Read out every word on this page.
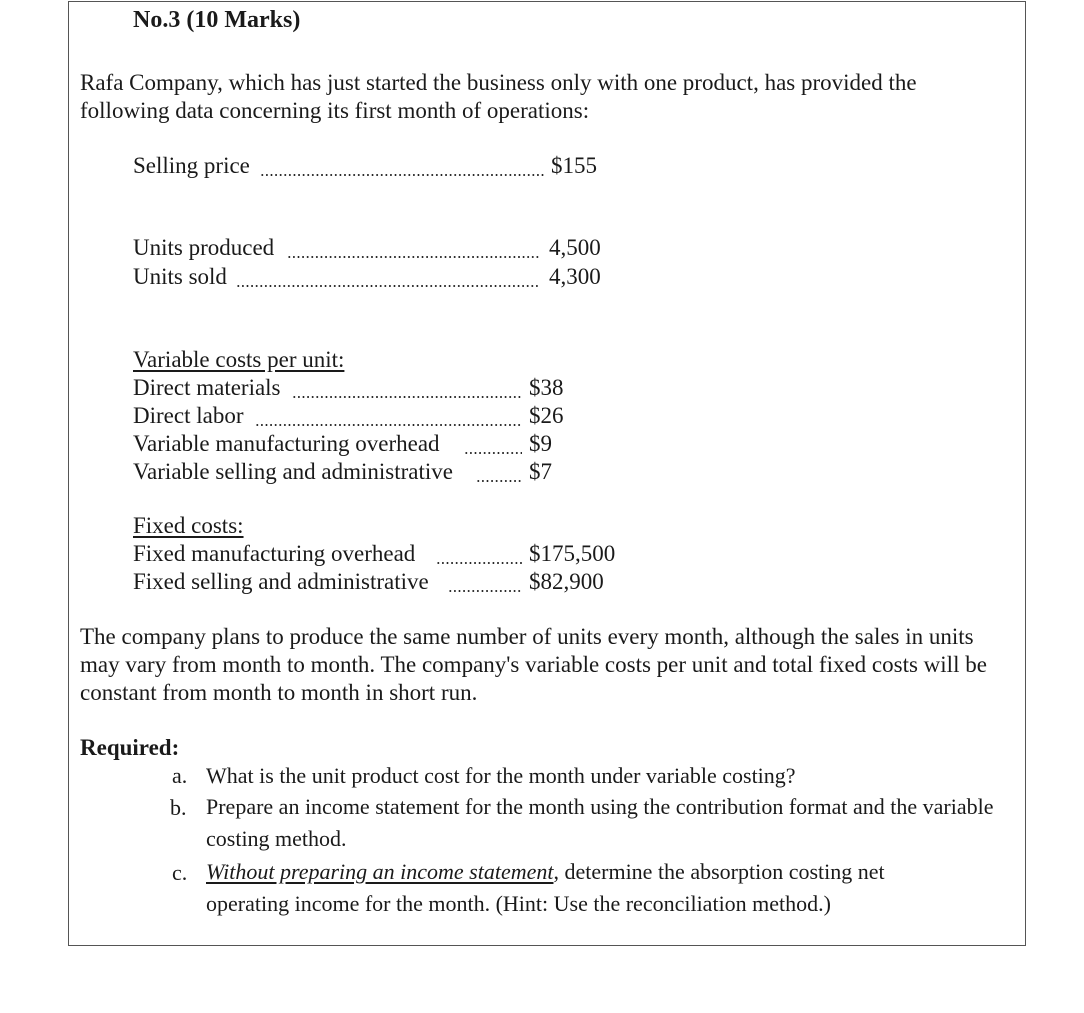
No.3 (10 Marks)
Rafa Company, which has just started the business only with one product, has provided the following data concerning its first month of operations:
Selling price	$155
Units produced	4,500
Units sold	4,300
Variable costs per unit:
Direct materials	$38
Direct labor	$26
Variable manufacturing overhead	$9
Variable selling and administrative	$7
Fixed costs:
Fixed manufacturing overhead	$175,500
Fixed selling and administrative	$82,900
The company plans to produce the same number of units every month, although the sales in units may vary from month to month. The company's variable costs per unit and total fixed costs will be constant from month to month in short run.
Required:
a. What is the unit product cost for the month under variable costing?
b. Prepare an income statement for the month using the contribution format and the variable costing method.
c. Without preparing an income statement, determine the absorption costing net operating income for the month. (Hint: Use the reconciliation method.)
